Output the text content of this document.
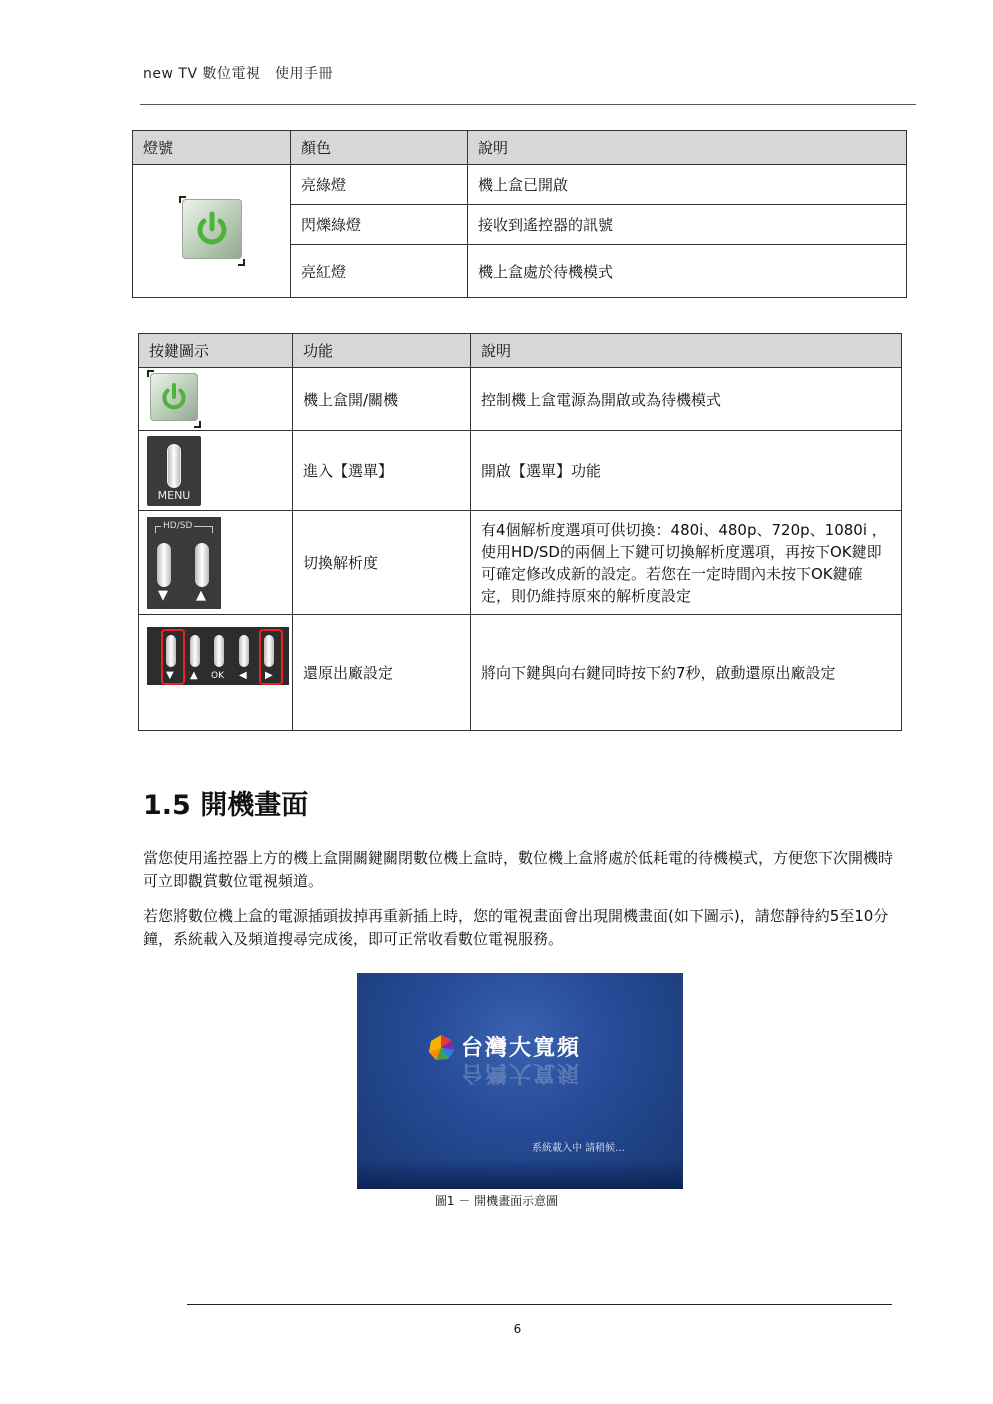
new TV 數位電視　使用手冊
燈號	顏色	說明

	亮綠燈	機上盒已開啟
	閃爍綠燈	接收到遙控器的訊號
	亮紅燈	機上盒處於待機模式
按鍵圖示	功能	說明

	機上盒開/關機	控制機上盒電源為開啟或為待機模式

MENU	進入【選單】	開啟【選單】功能

HD/SD
▼ ▲	切換解析度	有4個解析度選項可供切換：480i、480p、720p、1080i ，使用HD/SD的兩個上下鍵可切換解析度選項，再按下OK鍵即可確定修改成新的設定。若您在一定時間內未按下OK鍵確定，則仍維持原來的解析度設定

▼ ▲ OK ◀ ▶	還原出廠設定	將向下鍵與向右鍵同時按下約7秒，啟動還原出廠設定
1.5 開機畫面
當您使用遙控器上方的機上盒開關鍵關閉數位機上盒時，數位機上盒將處於低耗電的待機模式，方便您下次開機時可立即觀賞數位電視頻道。
若您將數位機上盒的電源插頭拔掉再重新插上時，您的電視畫面會出現開機畫面(如下圖示)，請您靜待約5至10分鐘，系統載入及頻道搜尋完成後，即可正常收看數位電視服務。
台灣大寬頻
台灣大寬頻
系統載入中 請稍候...
圖1 － 開機畫面示意圖
6
